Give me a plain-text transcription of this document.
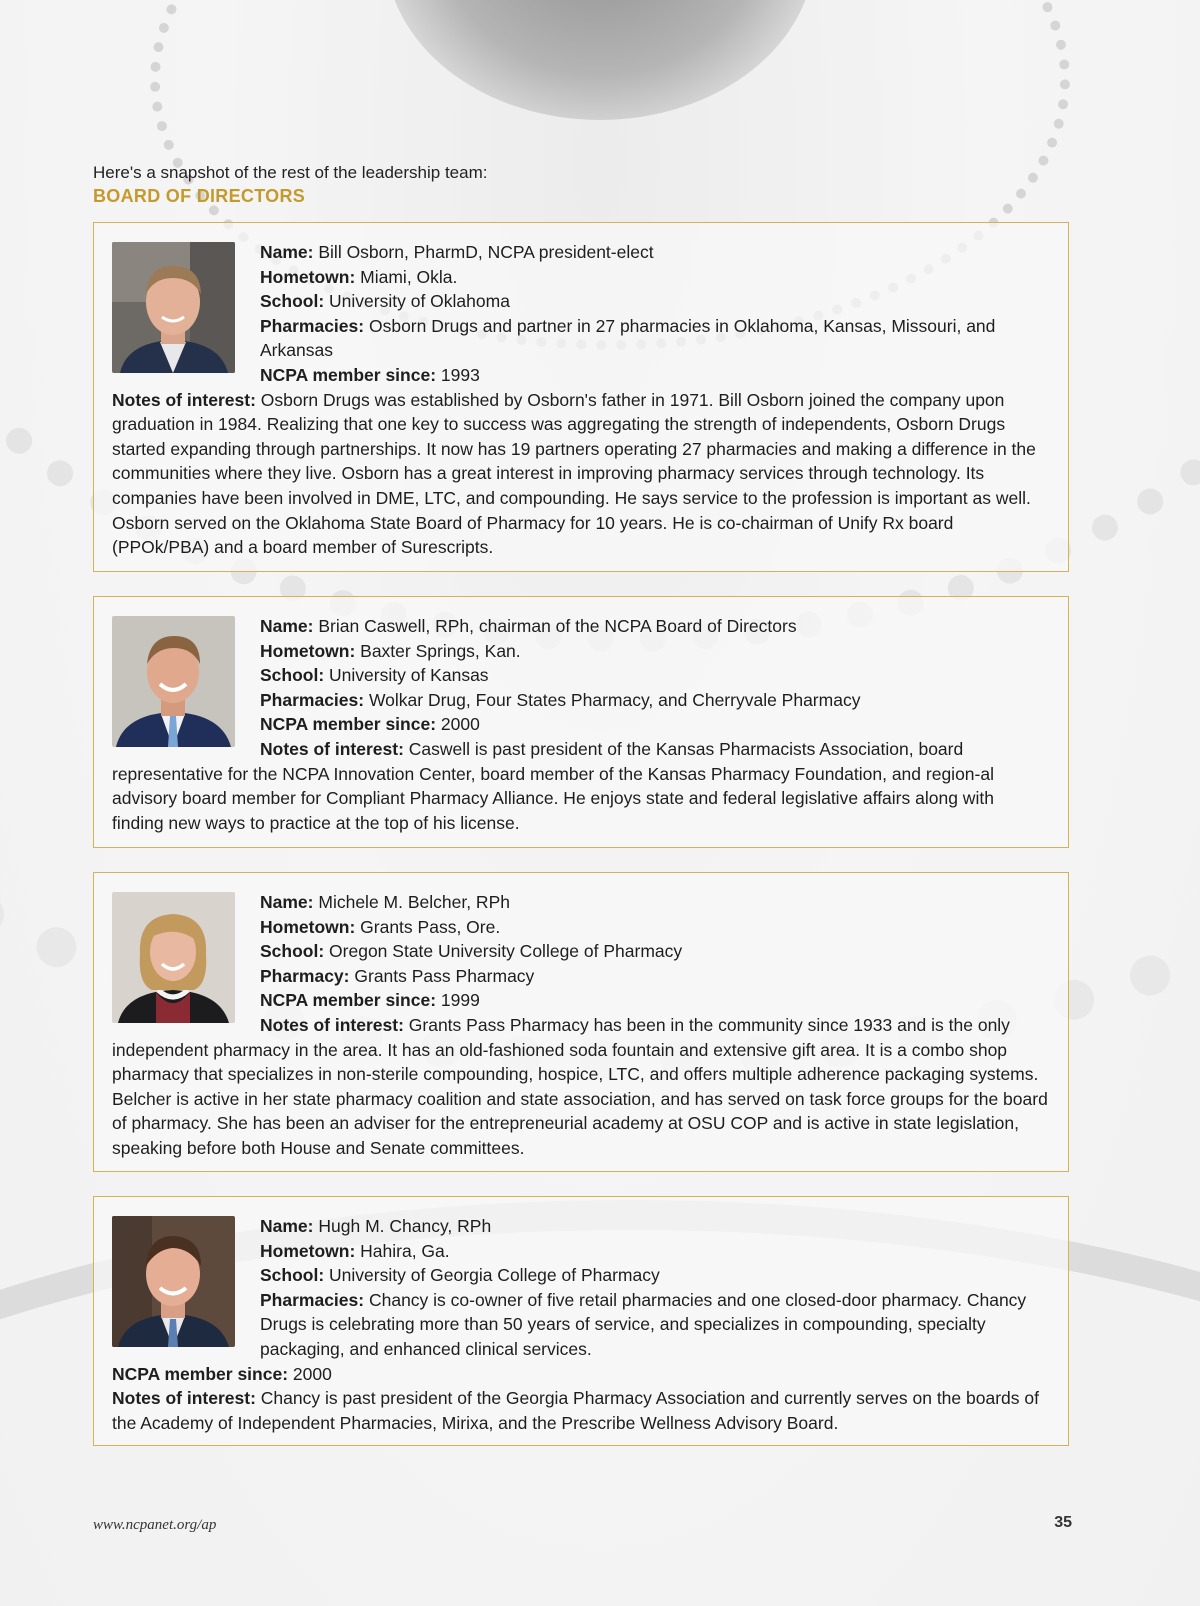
Here's a snapshot of the rest of the leadership team:
BOARD OF DIRECTORS
Name: Bill Osborn, PharmD, NCPA president-elect
Hometown: Miami, Okla.
School: University of Oklahoma
Pharmacies: Osborn Drugs and partner in 27 pharmacies in Oklahoma, Kansas, Missouri, and Arkansas
NCPA member since: 1993
Notes of interest: Osborn Drugs was established by Osborn's father in 1971. Bill Osborn joined the company upon graduation in 1984. Realizing that one key to success was aggregating the strength of independents, Osborn Drugs started expanding through partnerships. It now has 19 partners operating 27 pharmacies and making a difference in the communities where they live. Osborn has a great interest in improving pharmacy services through technology. Its companies have been involved in DME, LTC, and compounding. He says service to the profession is important as well. Osborn served on the Oklahoma State Board of Pharmacy for 10 years. He is co-chairman of Unify Rx board (PPOk/PBA) and a board member of Surescripts.
Name: Brian Caswell, RPh, chairman of the NCPA Board of Directors
Hometown: Baxter Springs, Kan.
School: University of Kansas
Pharmacies: Wolkar Drug, Four States Pharmacy, and Cherryvale Pharmacy
NCPA member since: 2000
Notes of interest: Caswell is past president of the Kansas Pharmacists Association, board representative for the NCPA Innovation Center, board member of the Kansas Pharmacy Foundation, and region-al advisory board member for Compliant Pharmacy Alliance. He enjoys state and federal legislative affairs along with finding new ways to practice at the top of his license.
Name: Michele M. Belcher, RPh
Hometown: Grants Pass, Ore.
School: Oregon State University College of Pharmacy
Pharmacy: Grants Pass Pharmacy
NCPA member since: 1999
Notes of interest: Grants Pass Pharmacy has been in the community since 1933 and is the only independent pharmacy in the area. It has an old-fashioned soda fountain and extensive gift area. It is a combo shop pharmacy that specializes in non-sterile compounding, hospice, LTC, and offers multiple adherence packaging systems. Belcher is active in her state pharmacy coalition and state association, and has served on task force groups for the board of pharmacy. She has been an adviser for the entrepreneurial academy at OSU COP and is active in state legislation, speaking before both House and Senate committees.
Name: Hugh M. Chancy, RPh
Hometown: Hahira, Ga.
School: University of Georgia College of Pharmacy
Pharmacies: Chancy is co-owner of five retail pharmacies and one closed-door pharmacy. Chancy Drugs is celebrating more than 50 years of service, and specializes in compounding, specialty packaging, and enhanced clinical services.
NCPA member since: 2000
Notes of interest: Chancy is past president of the Georgia Pharmacy Association and currently serves on the boards of the Academy of Independent Pharmacies, Mirixa, and the Prescribe Wellness Advisory Board.
www.ncpanet.org/ap	35
